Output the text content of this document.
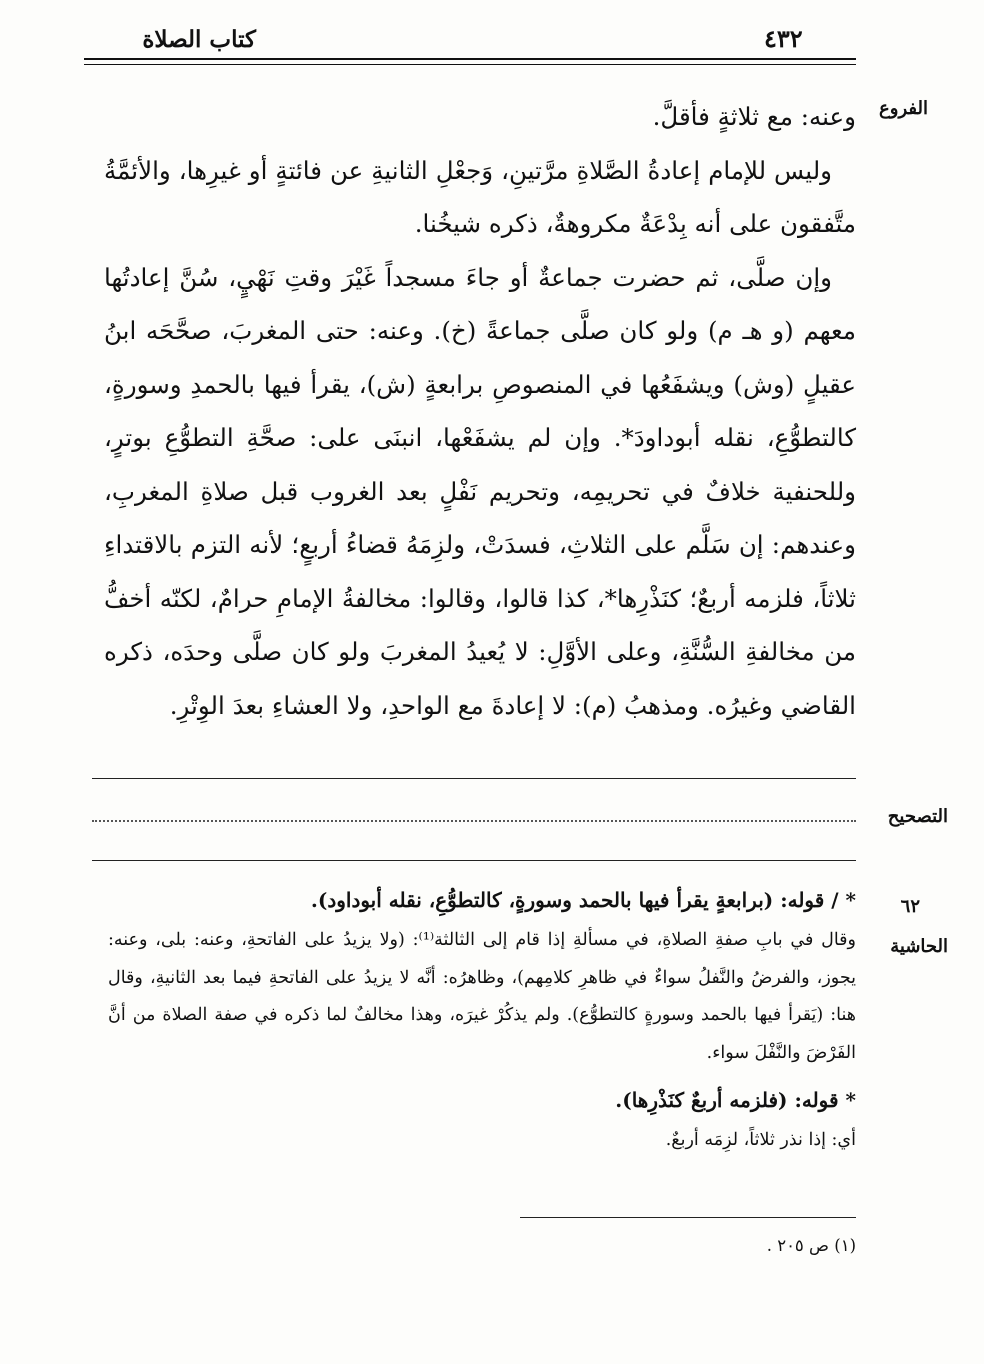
كتاب الصلاة	٤٣٢
الفروع
التصحيح
٦٢
الحاشية

وعنه: مع ثلاثةٍ فأقلَّ.

وليس للإمام إعادةُ الصَّلاةِ مرَّتينِ، وَجعْلِ الثانيةِ عن فائتةٍ أو غيرِها، والأئمَّةُ متَّفقون على أنه بِدْعَةٌ مكروهةٌ، ذكره شيخُنا.

وإن صلَّى، ثم حضرت جماعةٌ أو جاءَ مسجداً غَيْرَ وقتِ نَهْيٍ، سُنَّ إعادتُها معهم (و هـ م) ولو كان صلَّى جماعةً (خ). وعنه: حتى المغربَ، صحَّحَه ابنُ عقيلٍ (وش) ويشفَعُها في المنصوصِ برابعةٍ (ش)، يقرأ فيها بالحمدِ وسورةٍ، كالتطوُّعِ، نقله أبوداودَ*. وإن لم يشفَعْها، انبنَى على: صحَّةِ التطوُّعِ بوترٍ، وللحنفية خلافٌ في تحريمِه، وتحريم نَفْلٍ بعد الغروب قبل صلاةِ المغربِ، وعندهم: إن سَلَّم على الثلاثِ، فسدَتْ، ولزِمَهُ قضاءُ أربعٍ؛ لأنه التزم بالاقتداءِ ثلاثاً، فلزمه أربعٌ؛ كنَذْرِها*، كذا قالوا، وقالوا: مخالفةُ الإمامِ حرامٌ، لكنّه أخفُّ من مخالفةِ السُّنَّةِ، وعلى الأوَّلِ: لا يُعيدُ المغربَ ولو كان صلَّى وحدَه، ذكره القاضي وغيرُه. ومذهبُ (م): لا إعادةَ مع الواحدِ، ولا العشاءِ بعدَ الوِتْرِ.

* / قوله: (برابعةٍ يقرأ فيها بالحمد وسورةٍ، كالتطوُّعِ، نقله أبوداود).

وقال في بابِ صفةِ الصلاةِ، في مسألةِ إذا قام إلى الثالثة⁽¹⁾: (ولا يزيدُ على الفاتحةِ، وعنه: بلى، وعنه: يجوز، والفرضُ والنَّفلُ سواءٌ في ظاهرِ كلامِهم)، وظاهرُه: أنَّه لا يزيدُ على الفاتحةِ فيما بعد الثانيةِ، وقال هنا: (يَقرأ فيها بالحمد وسورةٍ كالتطوُّع). ولم يذكُرْ غيرَه، وهذا مخالفٌ لما ذكره في صفة الصلاة من أنَّ الفَرْضَ والنَّفْلَ سواء.

* قوله: (فلزمه أربعٌ كنَذْرِها).

أي: إذا نذر ثلاثاً، لزِمَه أربعٌ.

(١) ص ٢٠٥ .
